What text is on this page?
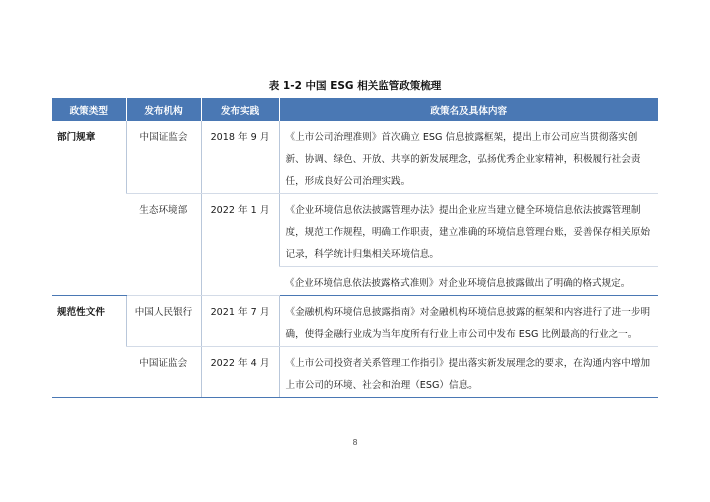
表 1-2 中国 ESG 相关监管政策梳理
政策类型	发布机构	发布实践	政策名及具体内容
部门规章	中国证监会	2018 年 9 月	《上市公司治理准则》首次确立 ESG 信息披露框架，提出上市公司应当贯彻落实创新、协调、绿色、开放、共享的新发展理念，弘扬优秀企业家精神，积极履行社会责任，形成良好公司治理实践。
	生态环境部	2022 年 1 月	《企业环境信息依法披露管理办法》提出企业应当建立健全环境信息依法披露管理制度，规范工作规程，明确工作职责，建立准确的环境信息管理台账，妥善保存相关原始记录，科学统计归集相关环境信息。
			《企业环境信息依法披露格式准则》对企业环境信息披露做出了明确的格式规定。
规范性文件	中国人民银行	2021 年 7 月	《金融机构环境信息披露指南》对金融机构环境信息披露的框架和内容进行了进一步明确，使得金融行业成为当年度所有行业上市公司中发布 ESG 比例最高的行业之一。
	中国证监会	2022 年 4 月	《上市公司投资者关系管理工作指引》提出落实新发展理念的要求，在沟通内容中增加上市公司的环境、社会和治理（ESG）信息。
8
